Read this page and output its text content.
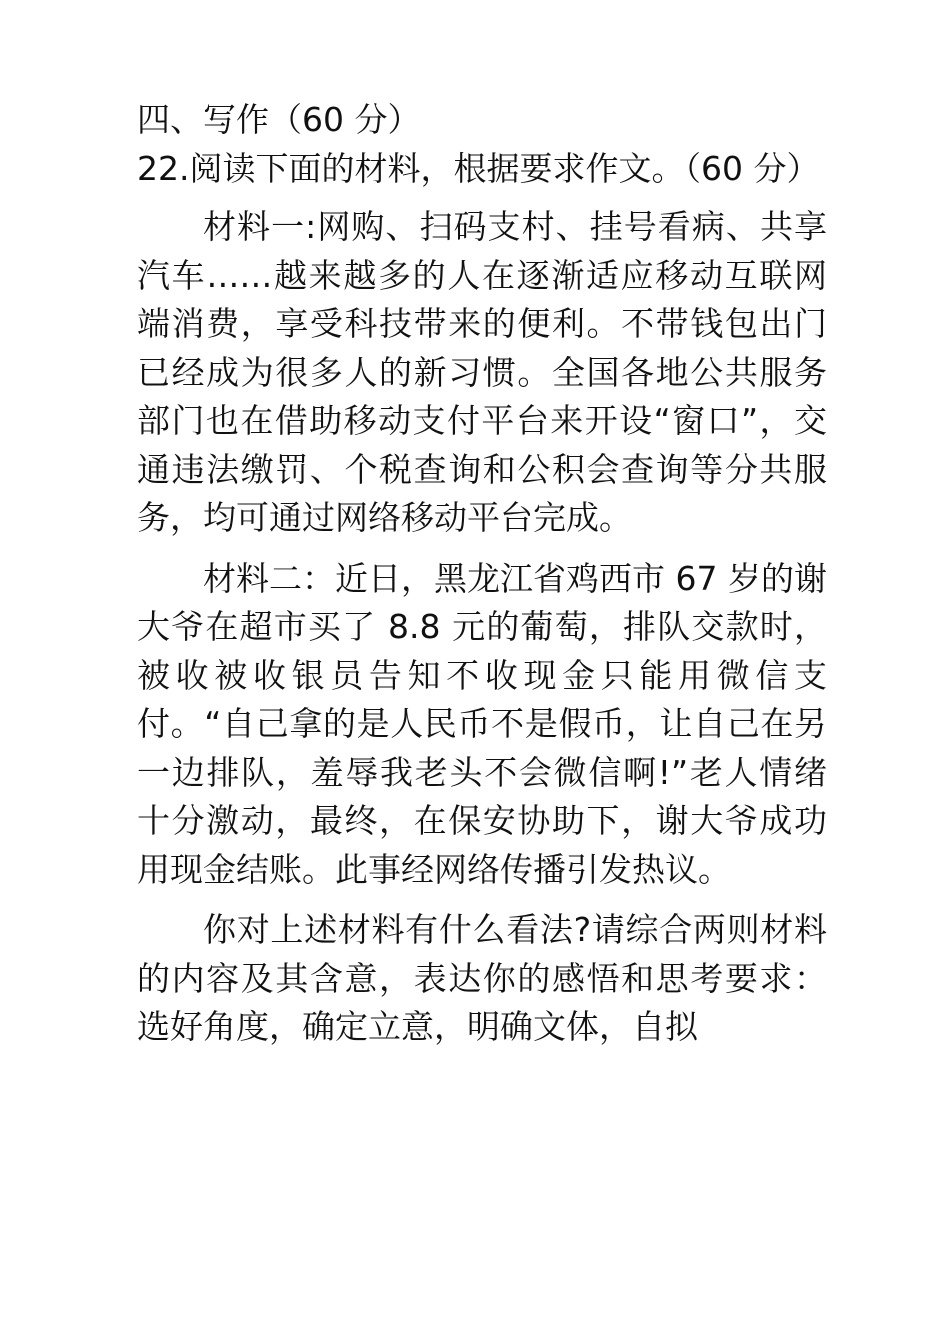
四、写作（60 分）

22.阅读下面的材料，根据要求作文。（60 分）

材料一:网购、扫码支村、挂号看病、共享汽车……越来越多的人在逐渐适应移动互联网端消费，享受科技带来的便利。不带钱包出门已经成为很多人的新习惯。全国各地公共服务部门也在借助移动支付平台来开设“窗口”，交通违法缴罚、个税查询和公积会查询等分共服务，均可通过网络移动平台完成。

材料二：近日，黑龙江省鸡西市 67 岁的谢大爷在超市买了 8.8 元的葡萄，排队交款时，被收被收银员告知不收现金只能用微信支付。“自己拿的是人民币不是假币，让自己在另一边排队，羞辱我老头不会微信啊!”老人情绪十分激动，最终，在保安协助下，谢大爷成功用现金结账。此事经网络传播引发热议。

你对上述材料有什么看法?请综合两则材料的内容及其含意，表达你的感悟和思考要求：选好角度，确定立意，明确文体，自拟
